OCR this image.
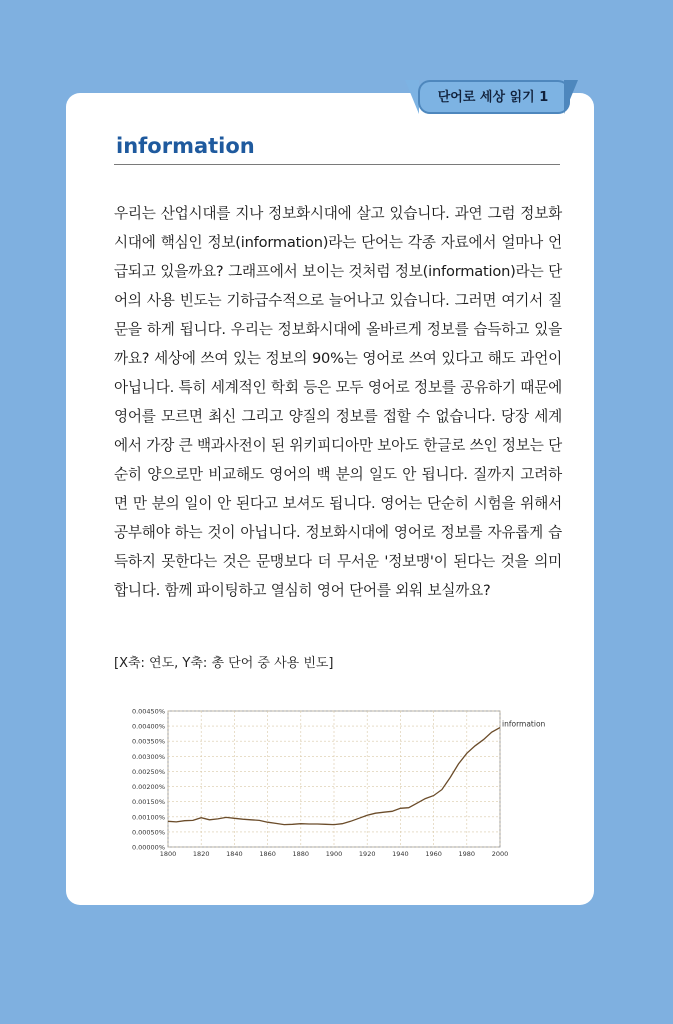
단어로 세상 읽기 1
information
우리는 산업시대를 지나 정보화시대에 살고 있습니다. 과연 그럼 정보화시대에 핵심인 정보(information)라는 단어는 각종 자료에서 얼마나 언급되고 있을까요? 그래프에서 보이는 것처럼 정보(information)라는 단어의 사용 빈도는 기하급수적으로 늘어나고 있습니다. 그러면 여기서 질문을 하게 됩니다. 우리는 정보화시대에 올바르게 정보를 습득하고 있을까요? 세상에 쓰여 있는 정보의 90%는 영어로 쓰여 있다고 해도 과언이 아닙니다. 특히 세계적인 학회 등은 모두 영어로 정보를 공유하기 때문에 영어를 모르면 최신 그리고 양질의 정보를 접할 수 없습니다. 당장 세계에서 가장 큰 백과사전이 된 위키피디아만 보아도 한글로 쓰인 정보는 단순히 양으로만 비교해도 영어의 백 분의 일도 안 됩니다. 질까지 고려하면 만 분의 일이 안 된다고 보셔도 됩니다. 영어는 단순히 시험을 위해서 공부해야 하는 것이 아닙니다. 정보화시대에 영어로 정보를 자유롭게 습득하지 못한다는 것은 문맹보다 더 무서운 '정보맹'이 된다는 것을 의미합니다. 함께 파이팅하고 열심히 영어 단어를 외워 보실까요?
[X축: 연도, Y축: 총 단어 중 사용 빈도]
0.00000%
0.00050%
0.00100%
0.00150%
0.00200%
0.00250%
0.00300%
0.00350%
0.00400%
0.00450%
1800	1820	1840	1860	1880	1900	1920	1940	1960	1980	2000
information
